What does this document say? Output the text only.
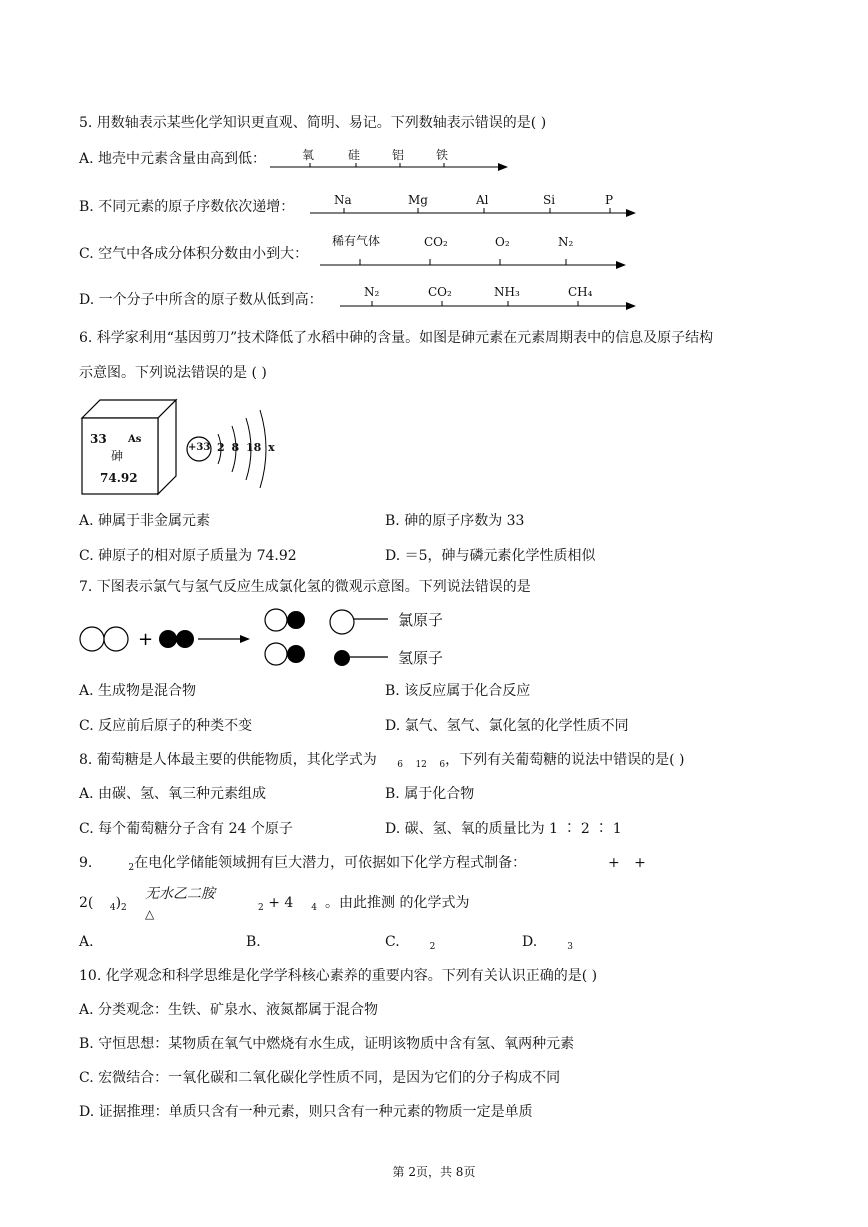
5. 用数轴表示某些化学知识更直观、简明、易记。下列数轴表示错误的是( )
A. 地壳中元素含量由高到低：	氧	硅	铝	铁
B. 不同元素的原子序数依次递增：	Na	Mg	Al	Si	P
C. 空气中各成分体积分数由小到大：
稀有气体	CO₂	O₂	N₂
D. 一个分子中所含的原子数从低到高：	N₂	CO₂	NH₃	CH₄
6. 科学家利用“基因剪刀”技术降低了水稻中砷的含量。如图是砷元素在元素周期表中的信息及原子结构
示意图。下列说法错误的是 ( )
33 As
砷
74.92
+33 2 8 18 x
A. 砷属于非金属元素	B. 砷的原子序数为 33
C. 砷原子的相对原子质量为 74.92	D. ＝5，砷与磷元素化学性质相似
7. 下图表示氯气与氢气反应生成氯化氢的微观示意图。下列说法错误的是
+
氯原子
氢原子
A. 生成物是混合物	B. 该反应属于化合反应
C. 反应前后原子的种类不变	D. 氯气、氢气、氯化氢的化学性质不同
8. 葡萄糖是人体最主要的供能物质，其化学式为 $_6$ $_{12}$ $_6$，下列有关葡萄糖的说法中错误的是( )
A. 由碳、氢、氧三种元素组成	B. 属于化合物
C. 每个葡萄糖分子含有 24 个原子	D. 碳、氢、氧的质量比为 1 ∶ 2 ∶ 1
9.	$_2$在电化学储能领域拥有巨大潜力，可依据如下化学方程式制备：	+ +
2( $_4)_2$
无水乙二胺
△	$_2$ + 4 $_4$ 。由此推测 的化学式为
A.	B.	C.	$_2$	D.	$_3$
10. 化学观念和科学思维是化学学科核心素养的重要内容。下列有关认识正确的是( )
A. 分类观念：生铁、矿泉水、液氮都属于混合物
B. 守恒思想：某物质在氧气中燃烧有水生成，证明该物质中含有氢、氧两种元素
C. 宏微结合：一氧化碳和二氧化碳化学性质不同，是因为它们的分子构成不同
D. 证据推理：单质只含有一种元素，则只含有一种元素的物质一定是单质
第 2页，共 8页
